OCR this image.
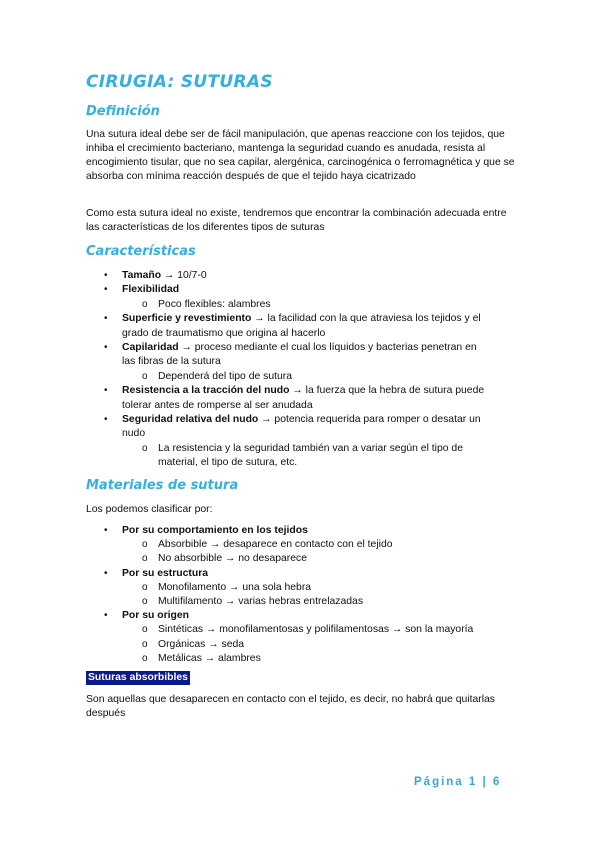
CIRUGIA: SUTURAS
Definición

Una sutura ideal debe ser de fácil manipulación, que apenas reaccione con los tejidos, que inhiba el crecimiento bacteriano, mantenga la seguridad cuando es anudada, resista al encogimiento tisular, que no sea capilar, alergénica, carcinogénica o ferromagnética y que se absorba con mínima reacción después de que el tejido haya cicatrizado

Como esta sutura ideal no existe, tendremos que encontrar la combinación adecuada entre las características de los diferentes tipos de suturas

Características
• Tamaño → 10/7-0
• Flexibilidad
o Poco flexibles: alambres
• Superficie y revestimiento → la facilidad con la que atraviesa los tejidos y el
grado de traumatismo que origina al hacerlo
• Capilaridad → proceso mediante el cual los líquidos y bacterias penetran en
las fibras de la sutura
o Dependerá del tipo de sutura
• Resistencia a la tracción del nudo → la fuerza que la hebra de sutura puede
tolerar antes de romperse al ser anudada
• Seguridad relativa del nudo → potencia requerida para romper o desatar un
nudo
o La resistencia y la seguridad también van a variar según el tipo de
material, el tipo de sutura, etc.
Materiales de sutura

Los podemos clasificar por:

• Por su comportamiento en los tejidos
o Absorbible → desaparece en contacto con el tejido
o No absorbible → no desaparece
• Por su estructura
o Monofilamento → una sola hebra
o Multifilamento → varias hebras entrelazadas
• Por su origen
o Sintéticas → monofilamentosas y polifilamentosas → son la mayoría
o Orgánicas → seda
o Metálicas → alambres
Suturas absorbibles

Son aquellas que desaparecen en contacto con el tejido, es decir, no habrá que quitarlas después

Página 1 | 6
